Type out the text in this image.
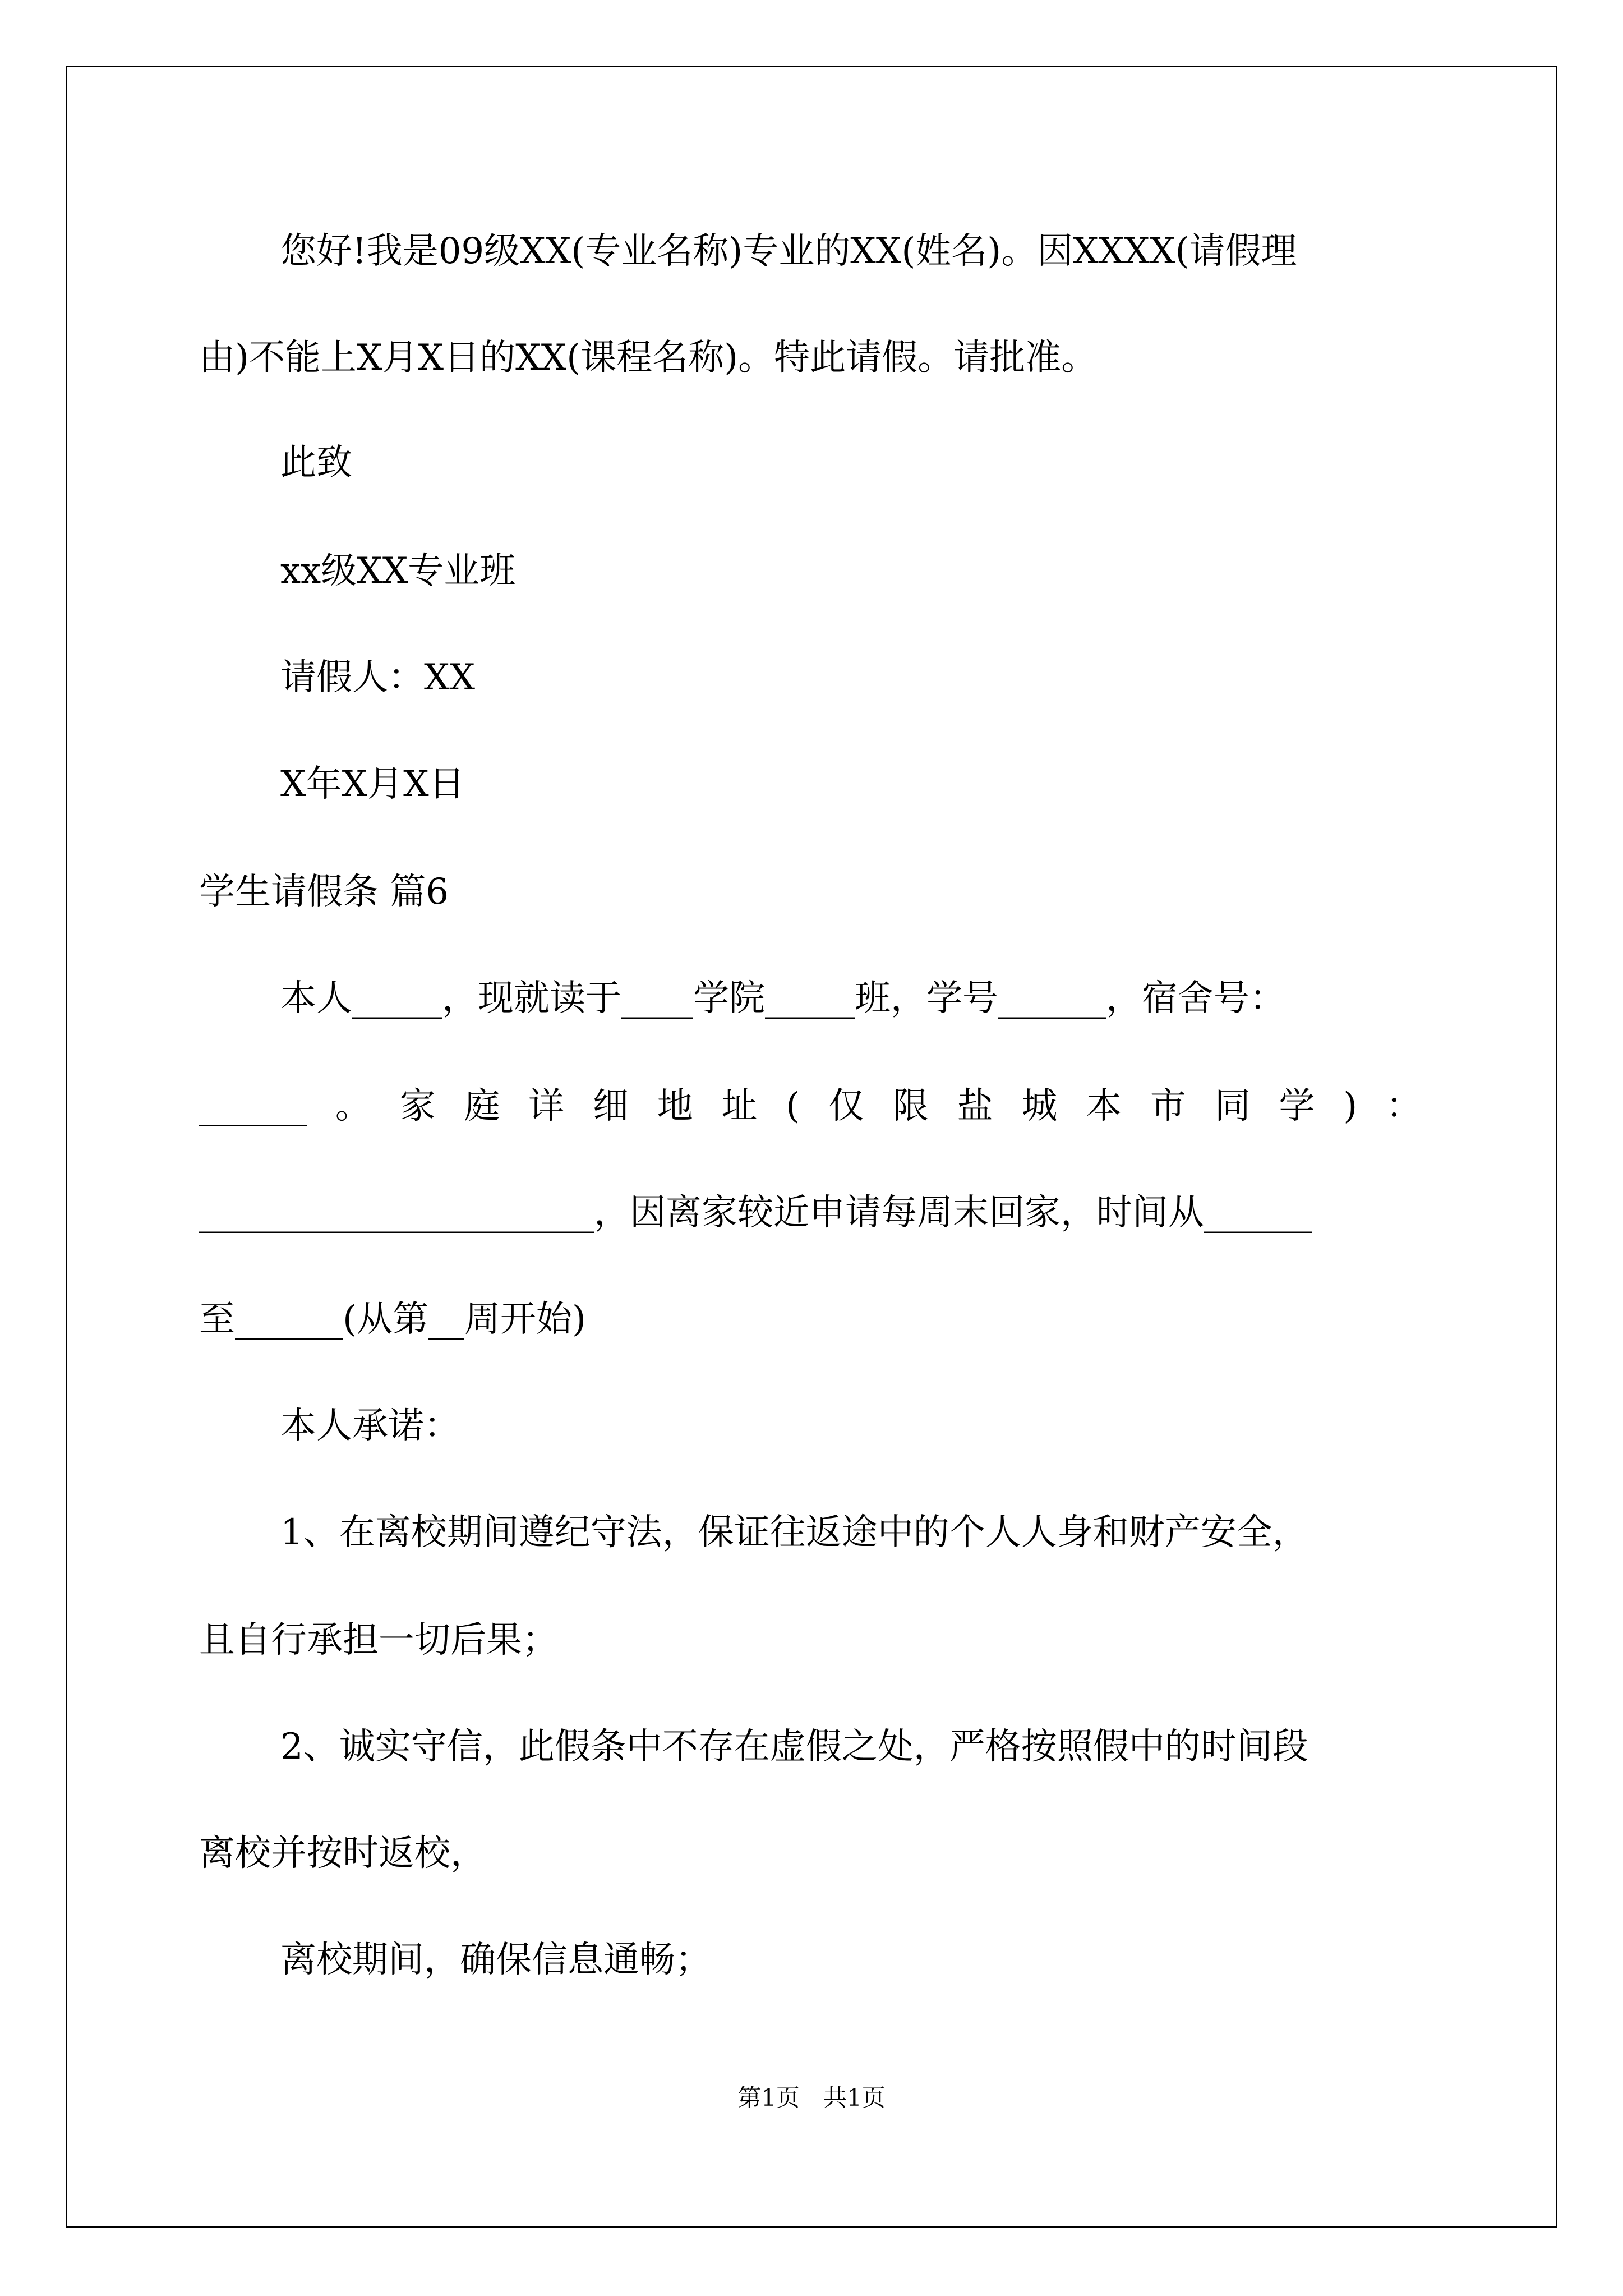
您好!我是09级XX(专业名称)专业的XX(姓名)。因XXXX(请假理
由)不能上X月X日的XX(课程名称)。特此请假。请批准。
此致
xx级XX专业班
请假人：XX
X年X月X日
学生请假条 篇6
本人_____，现就读于____学院_____班，学号______，宿舍号：
______ 。 家 庭 详 细 地 址 ( 仅 限 盐 城 本 市 同 学 ) ：
______________________，因离家较近申请每周末回家，时间从______
至______(从第__周开始)
本人承诺：
1、在离校期间遵纪守法，保证往返途中的个人人身和财产安全，
且自行承担一切后果；
2、诚实守信，此假条中不存在虚假之处，严格按照假中的时间段
离校并按时返校，
离校期间，确保信息通畅；
第1页　共1页
